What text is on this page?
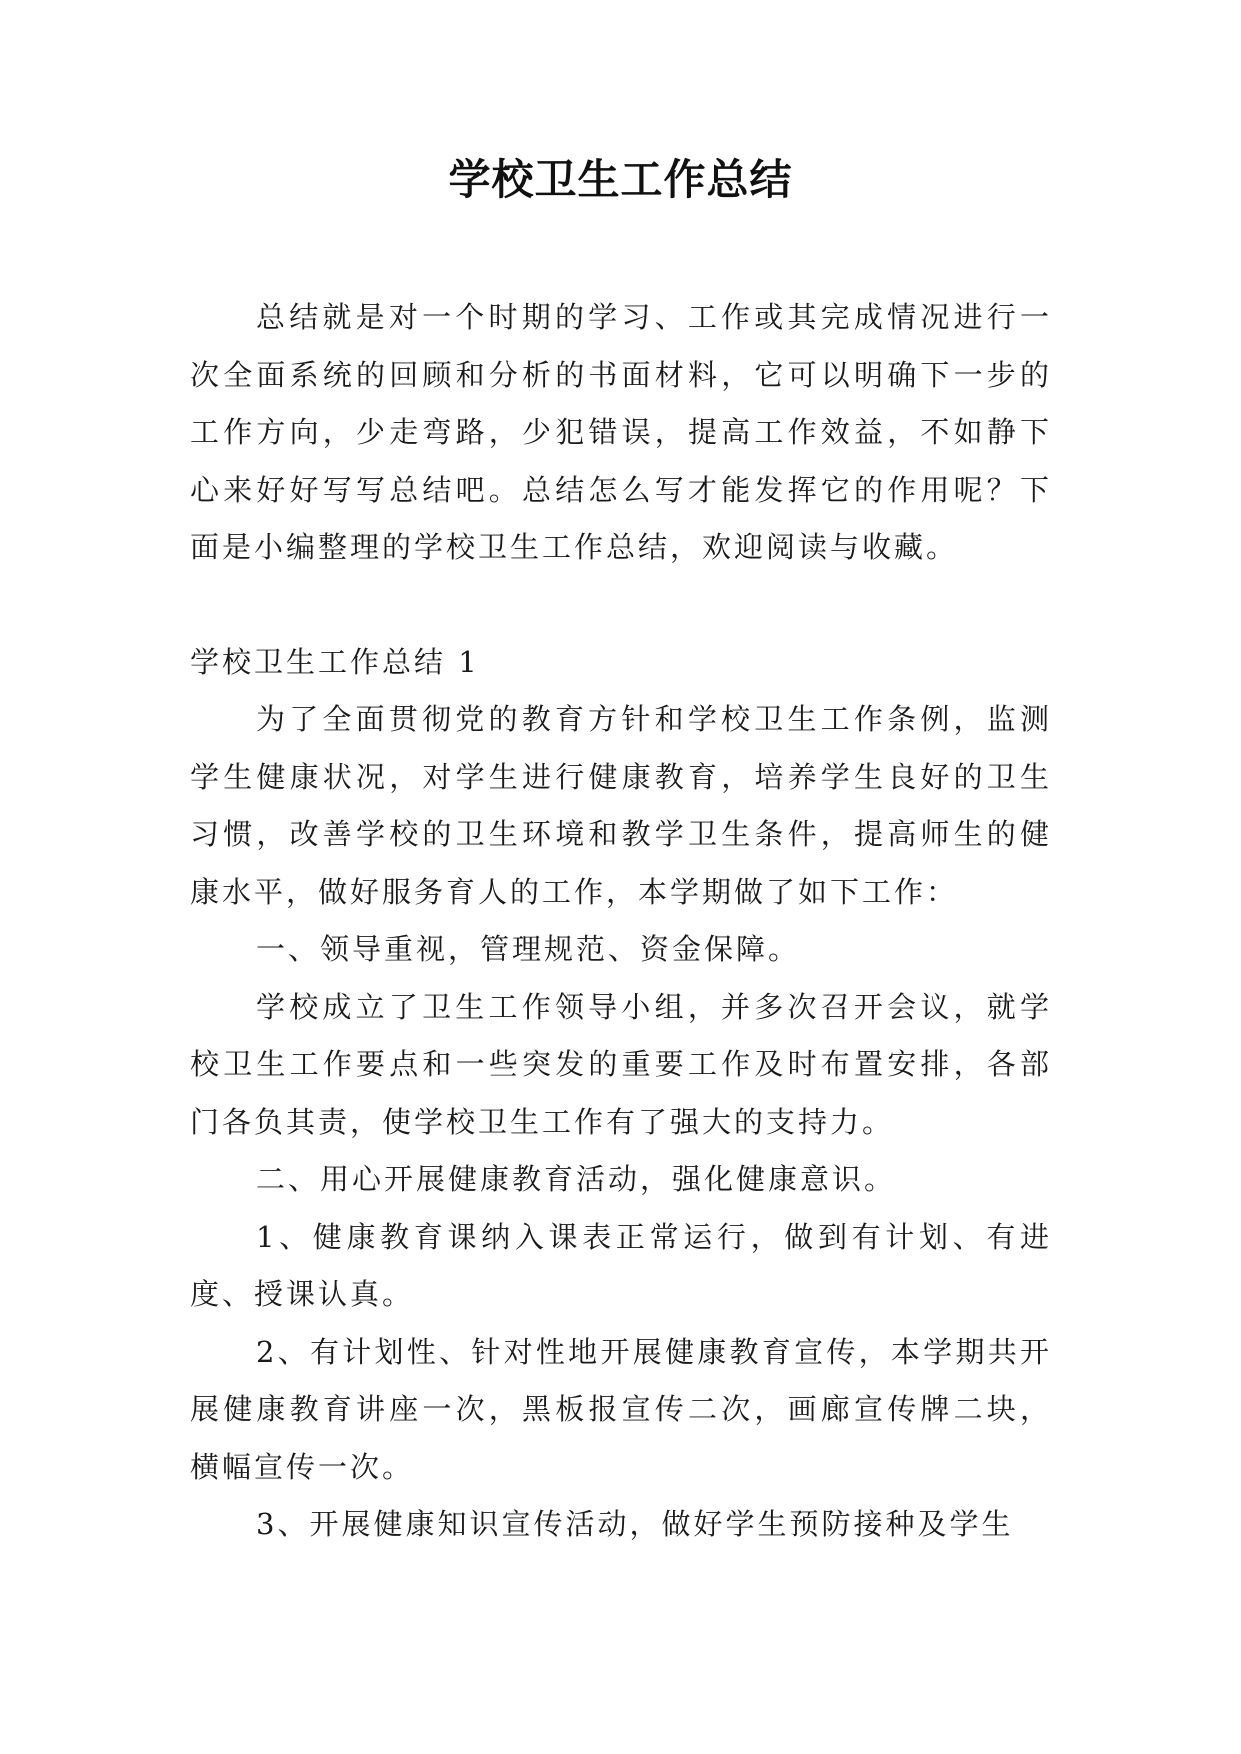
学校卫生工作总结

总结就是对一个时期的学习、工作或其完成情况进行一次全面系统的回顾和分析的书面材料，它可以明确下一步的工作方向，少走弯路，少犯错误，提高工作效益，不如静下心来好好写写总结吧。总结怎么写才能发挥它的作用呢？下面是小编整理的学校卫生工作总结，欢迎阅读与收藏。

学校卫生工作总结 1

为了全面贯彻党的教育方针和学校卫生工作条例，监测学生健康状况，对学生进行健康教育，培养学生良好的卫生习惯，改善学校的卫生环境和教学卫生条件，提高师生的健康水平，做好服务育人的工作，本学期做了如下工作：

一、领导重视，管理规范、资金保障。

学校成立了卫生工作领导小组，并多次召开会议，就学校卫生工作要点和一些突发的重要工作及时布置安排，各部门各负其责，使学校卫生工作有了强大的支持力。

二、用心开展健康教育活动，强化健康意识。

1、健康教育课纳入课表正常运行，做到有计划、有进度、授课认真。

2、有计划性、针对性地开展健康教育宣传，本学期共开展健康教育讲座一次，黑板报宣传二次，画廊宣传牌二块，横幅宣传一次。

3、开展健康知识宣传活动，做好学生预防接种及学生
